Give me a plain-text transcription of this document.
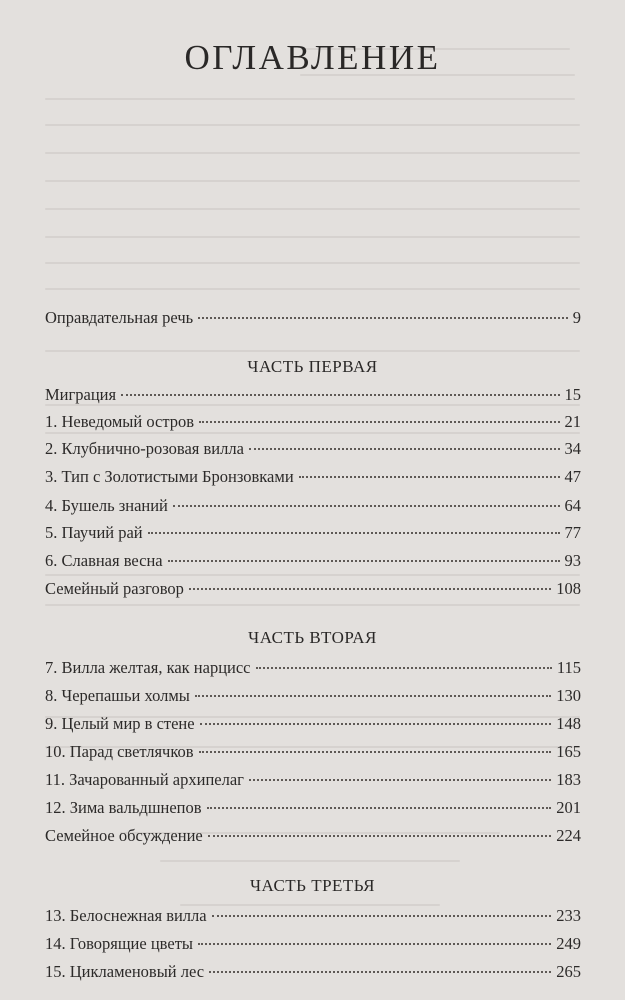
ОГЛАВЛЕНИЕ
Оправдательная речь	9
ЧАСТЬ ПЕРВАЯ
Миграция	15
1. Неведомый остров	21
2. Клубнично-розовая вилла	34
3. Тип с Золотистыми Бронзовками	47
4. Бушель знаний	64
5. Паучий рай	77
6. Славная весна	93
Семейный разговор	108
ЧАСТЬ ВТОРАЯ
7. Вилла желтая, как нарцисс	115
8. Черепашьи холмы	130
9. Целый мир в стене	148
10. Парад светлячков	165
11. Зачарованный архипелаг	183
12. Зима вальдшнепов	201
Семейное обсуждение	224
ЧАСТЬ ТРЕТЬЯ
13. Белоснежная вилла	233
14. Говорящие цветы	249
15. Цикламеновый лес	265
